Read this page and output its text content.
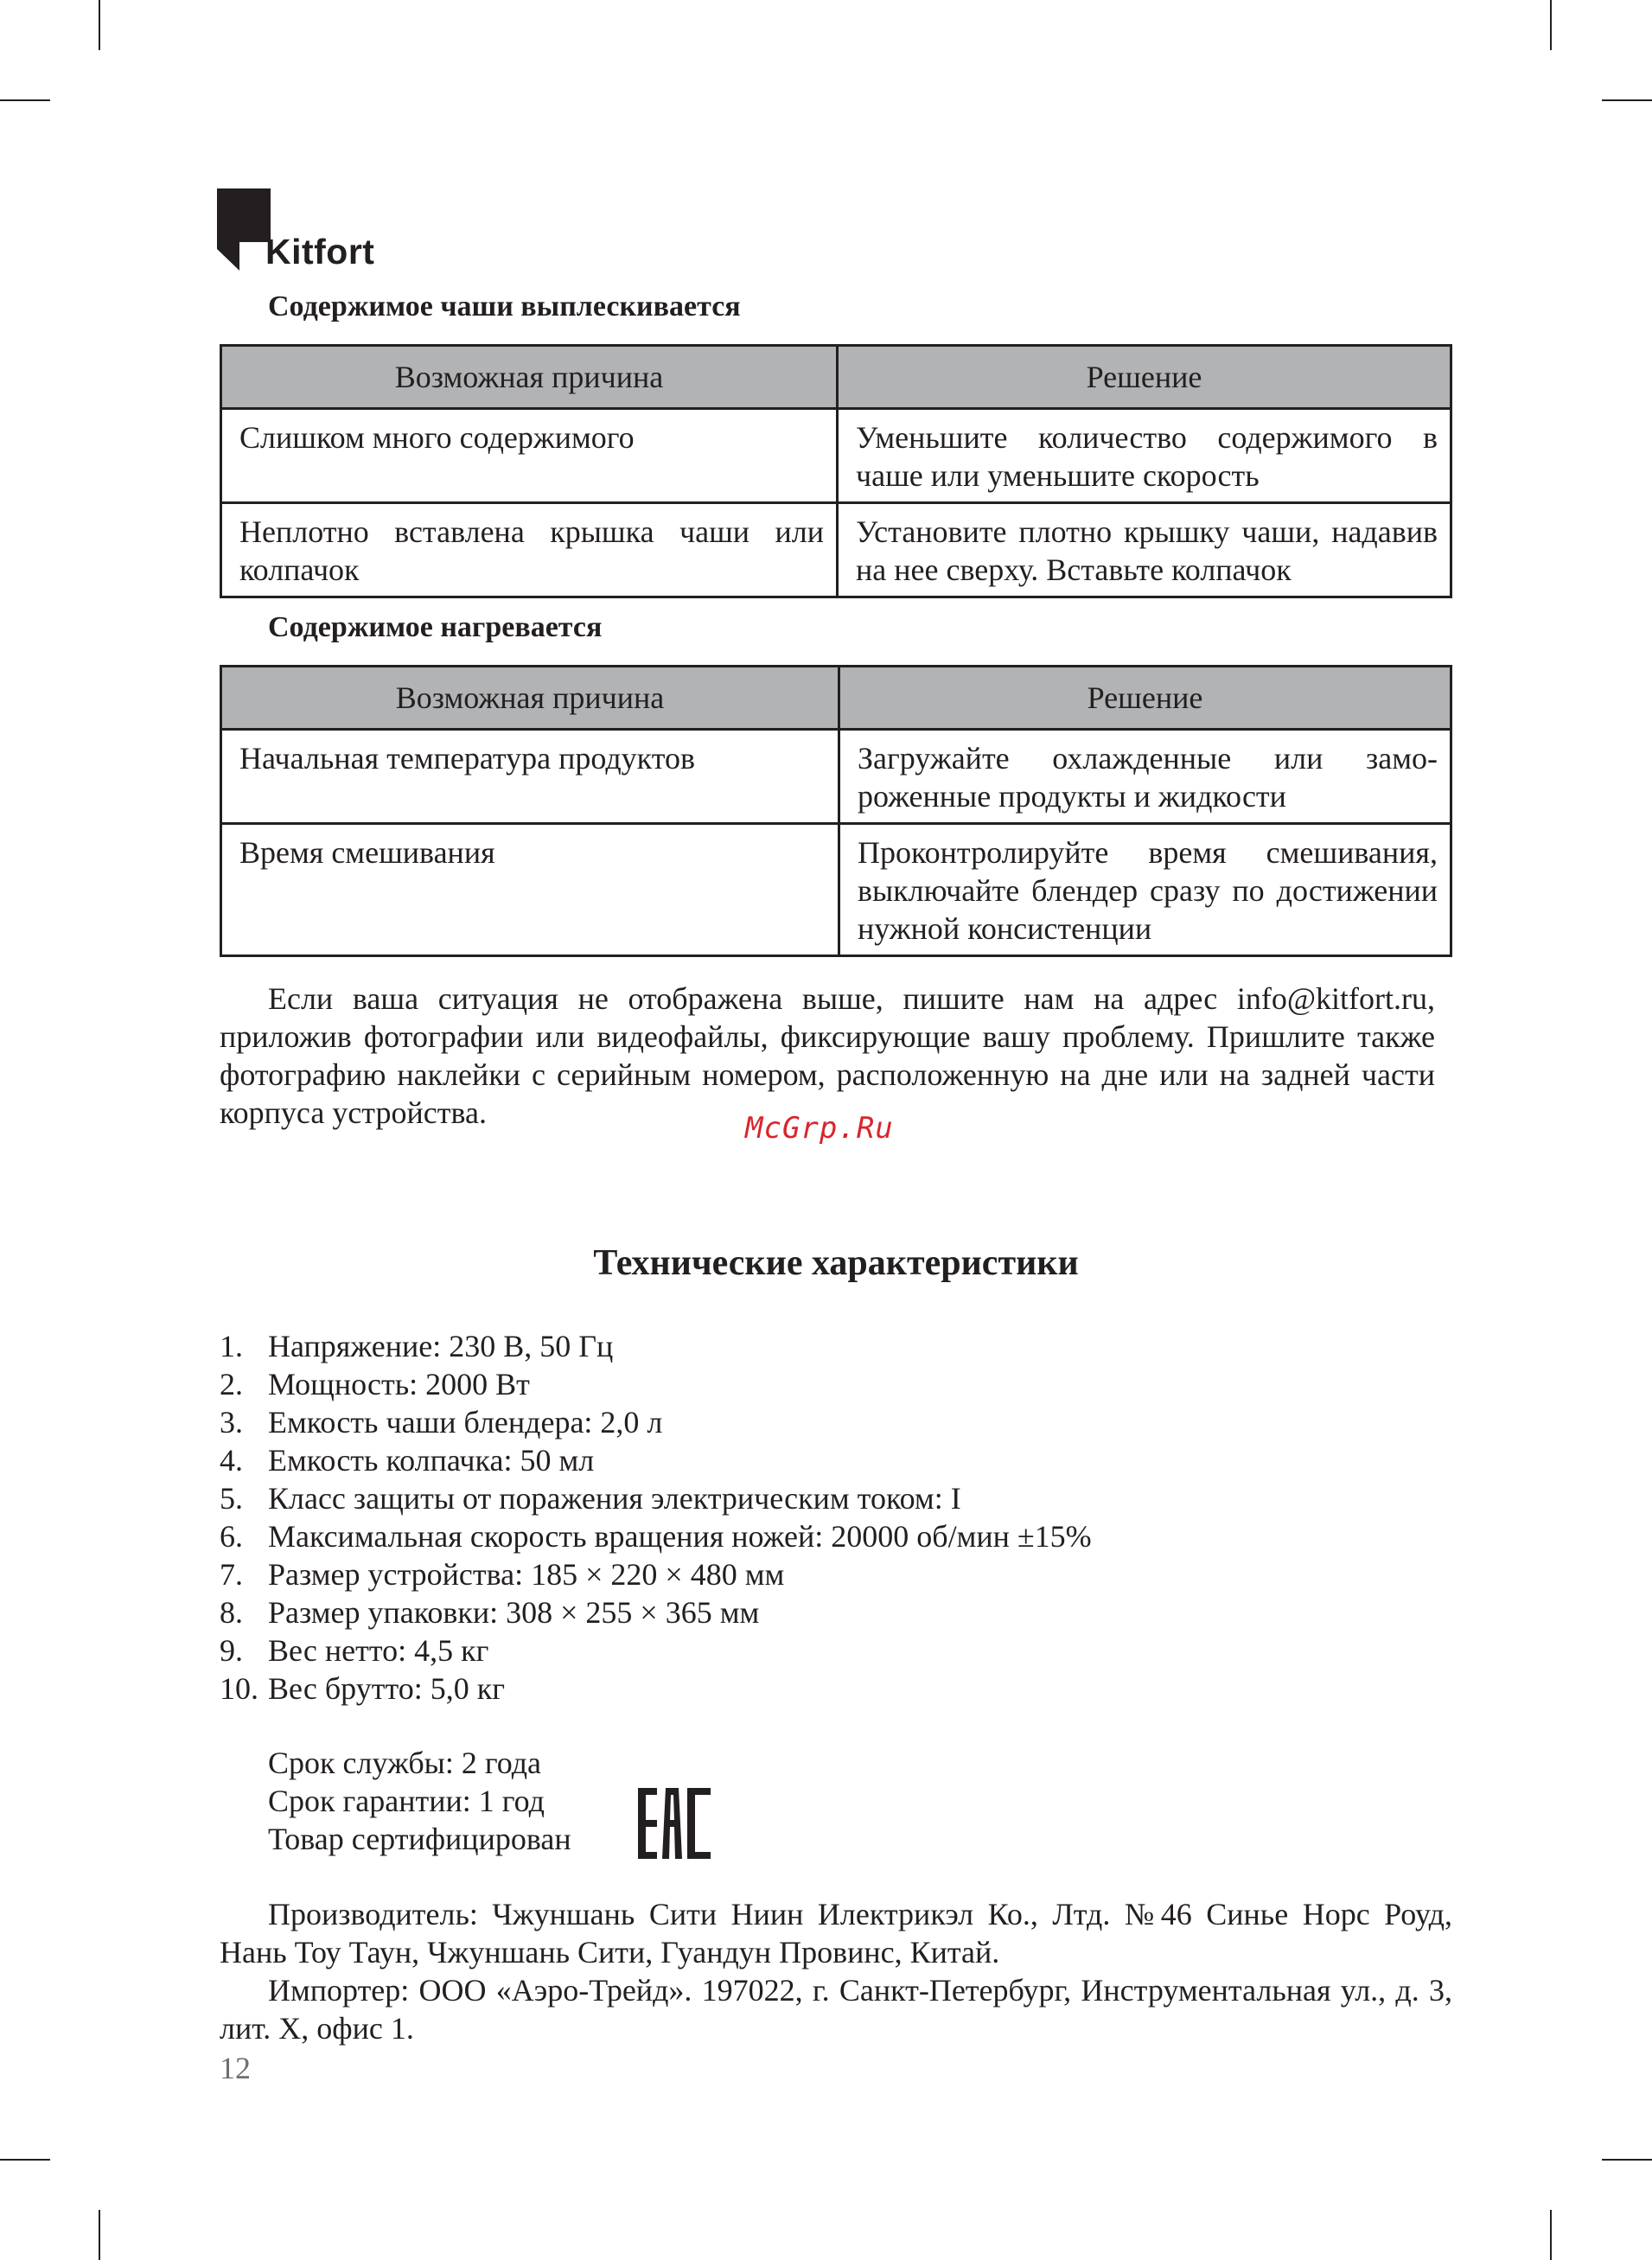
Kitfort
Содержимое чаши выплескивается
Возможная причина	Решение
Слишком много содержимого	Уменьшите количество содержимого в чаше или уменьшите скорость
Неплотно вставлена крышка чаши или колпачок	Установите плотно крышку чаши, надавив на нее сверху. Вставьте колпачок
Содержимое нагревается
Возможная причина	Решение
Начальная температура продуктов	Загружайте охлажденные или замороженные продукты и жидкости
Время смешивания	Проконтролируйте время смешивания, выключайте блендер сразу по достижении нужной консистенции

Если ваша ситуация не отображена выше, пишите нам на адрес info@kitfort.ru, приложив фотографии или видеофайлы, фиксирующие вашу проблему. Пришлите также фотографию наклейки с серийным номером, расположенную на дне или на задней части корпуса устройства.	McGrp.Ru
Технические характеристики
1. Напряжение: 230 В, 50 Гц
2. Мощность: 2000 Вт
3. Емкость чаши блендера: 2,0 л
4. Емкость колпачка: 50 мл
5. Класс защиты от поражения электрическим током: I
6. Максимальная скорость вращения ножей: 20000 об/мин ±15%
7. Размер устройства: 185 × 220 × 480 мм
8. Размер упаковки: 308 × 255 × 365 мм
9. Вес нетто: 4,5 кг
10. Вес брутто: 5,0 кг
Срок службы: 2 года
Срок гарантии: 1 год
Товар сертифицирован

Производитель: Чжуншань Сити Ниин Илектрикэл Ко., Лтд. №46 Синье Норс Роуд, Нань Тоу Таун, Чжуншань Сити, Гуандун Провинс, Китай.

Импортер: ООО «Аэро-Трейд». 197022, г. Санкт-Петербург, Инструментальная ул., д. 3, лит. Х, офис 1.

12
